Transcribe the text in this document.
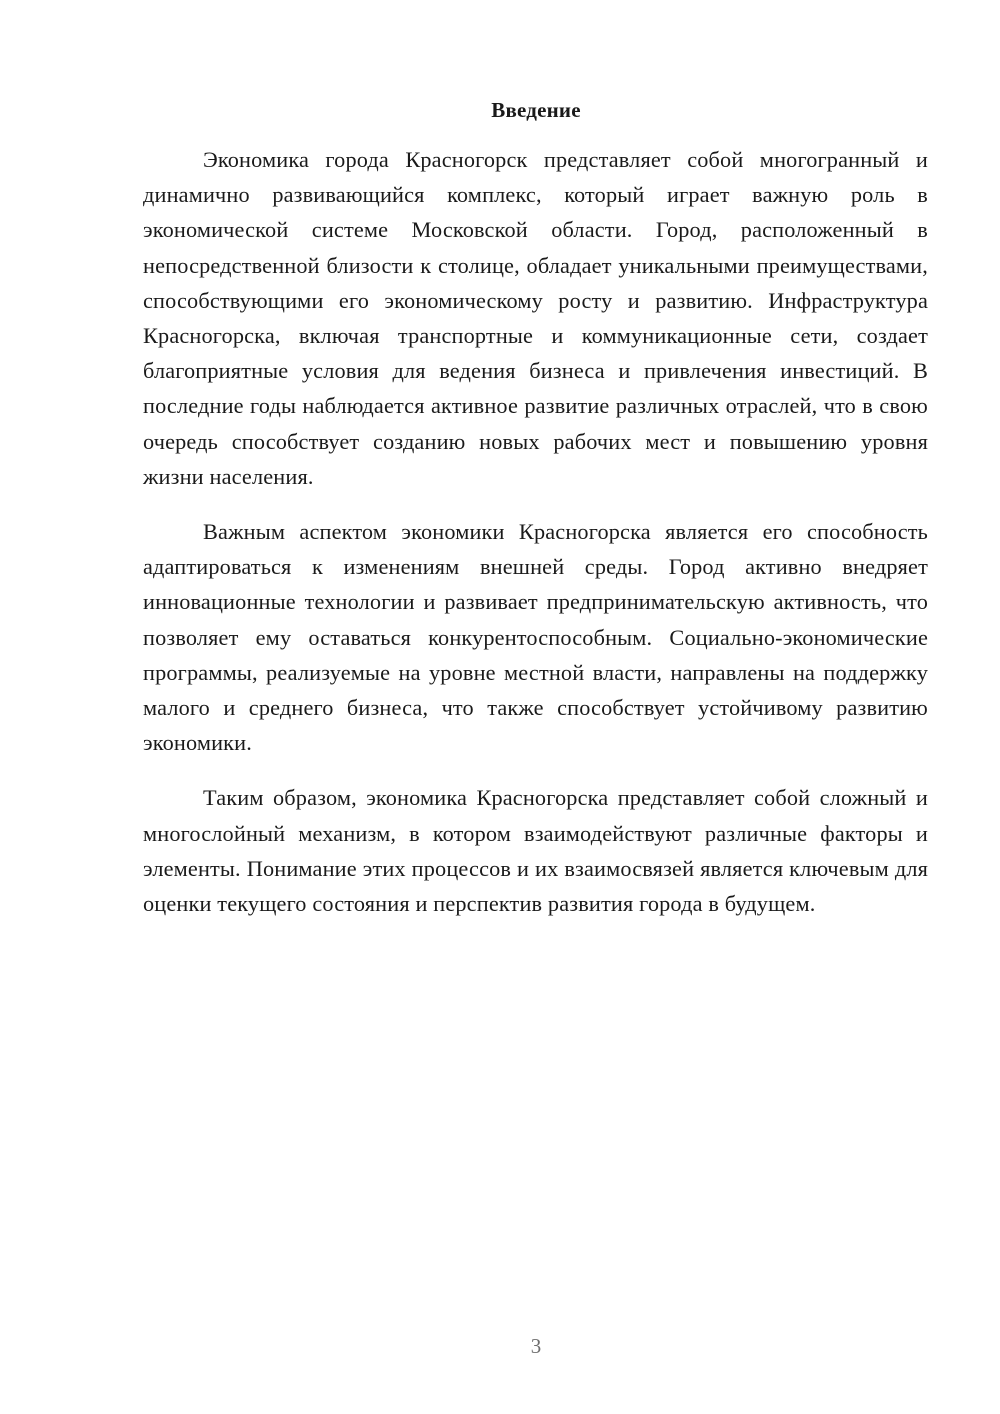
Введение

Экономика города Красногорск представляет собой многогранный и динамично развивающийся комплекс, который играет важную роль в экономической системе Московской области. Город, расположенный в непосредственной близости к столице, обладает уникальными преимуществами, способствующими его экономическому росту и развитию. Инфраструктура Красногорска, включая транспортные и коммуникационные сети, создает благоприятные условия для ведения бизнеса и привлечения инвестиций. В последние годы наблюдается активное развитие различных отраслей, что в свою очередь способствует созданию новых рабочих мест и повышению уровня жизни населения.

Важным аспектом экономики Красногорска является его способность адаптироваться к изменениям внешней среды. Город активно внедряет инновационные технологии и развивает предпринимательскую активность, что позволяет ему оставаться конкурентоспособным. Социально-экономические программы, реализуемые на уровне местной власти, направлены на поддержку малого и среднего бизнеса, что также способствует устойчивому развитию экономики.

Таким образом, экономика Красногорска представляет собой сложный и многослойный механизм, в котором взаимодействуют различные факторы и элементы. Понимание этих процессов и их взаимосвязей является ключевым для оценки текущего состояния и перспектив развития города в будущем.

3
